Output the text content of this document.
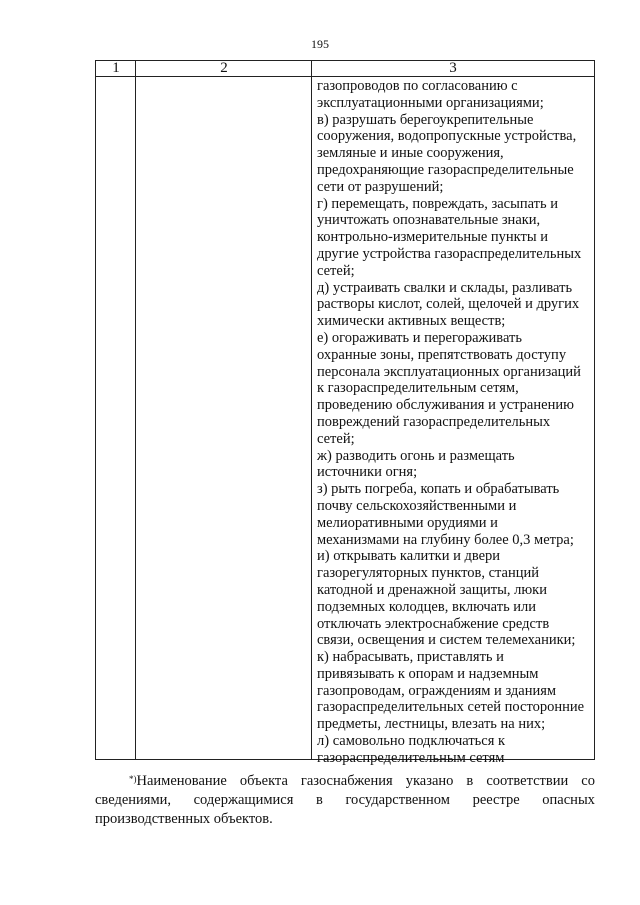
195
1	2	3
газопроводов по согласованию с
эксплуатационными организациями;
в) разрушать берегоукрепительные
сооружения, водопропускные устройства,
земляные и иные сооружения,
предохраняющие газораспределительные
сети от разрушений;
г) перемещать, повреждать, засыпать и
уничтожать опознавательные знаки,
контрольно-измерительные пункты и
другие устройства газораспределительных
сетей;
д) устраивать свалки и склады, разливать
растворы кислот, солей, щелочей и других
химически активных веществ;
е) огораживать и перегораживать
охранные зоны, препятствовать доступу
персонала эксплуатационных организаций
к газораспределительным сетям,
проведению обслуживания и устранению
повреждений газораспределительных
сетей;
ж) разводить огонь и размещать
источники огня;
з) рыть погреба, копать и обрабатывать
почву сельскохозяйственными и
мелиоративными орудиями и
механизмами на глубину более 0,3 метра;
и) открывать калитки и двери
газорегуляторных пунктов, станций
катодной и дренажной защиты, люки
подземных колодцев, включать или
отключать электроснабжение средств
связи, освещения и систем телемеханики;
к) набрасывать, приставлять и
привязывать к опорам и надземным
газопроводам, ограждениям и зданиям
газораспределительных сетей посторонние
предметы, лестницы, влезать на них;
л) самовольно подключаться к
газораспределительным сетям
*) Наименование объекта газоснабжения указано в соответствии со
сведениями, содержащимися в государственном реестре опасных
производственных объектов.
